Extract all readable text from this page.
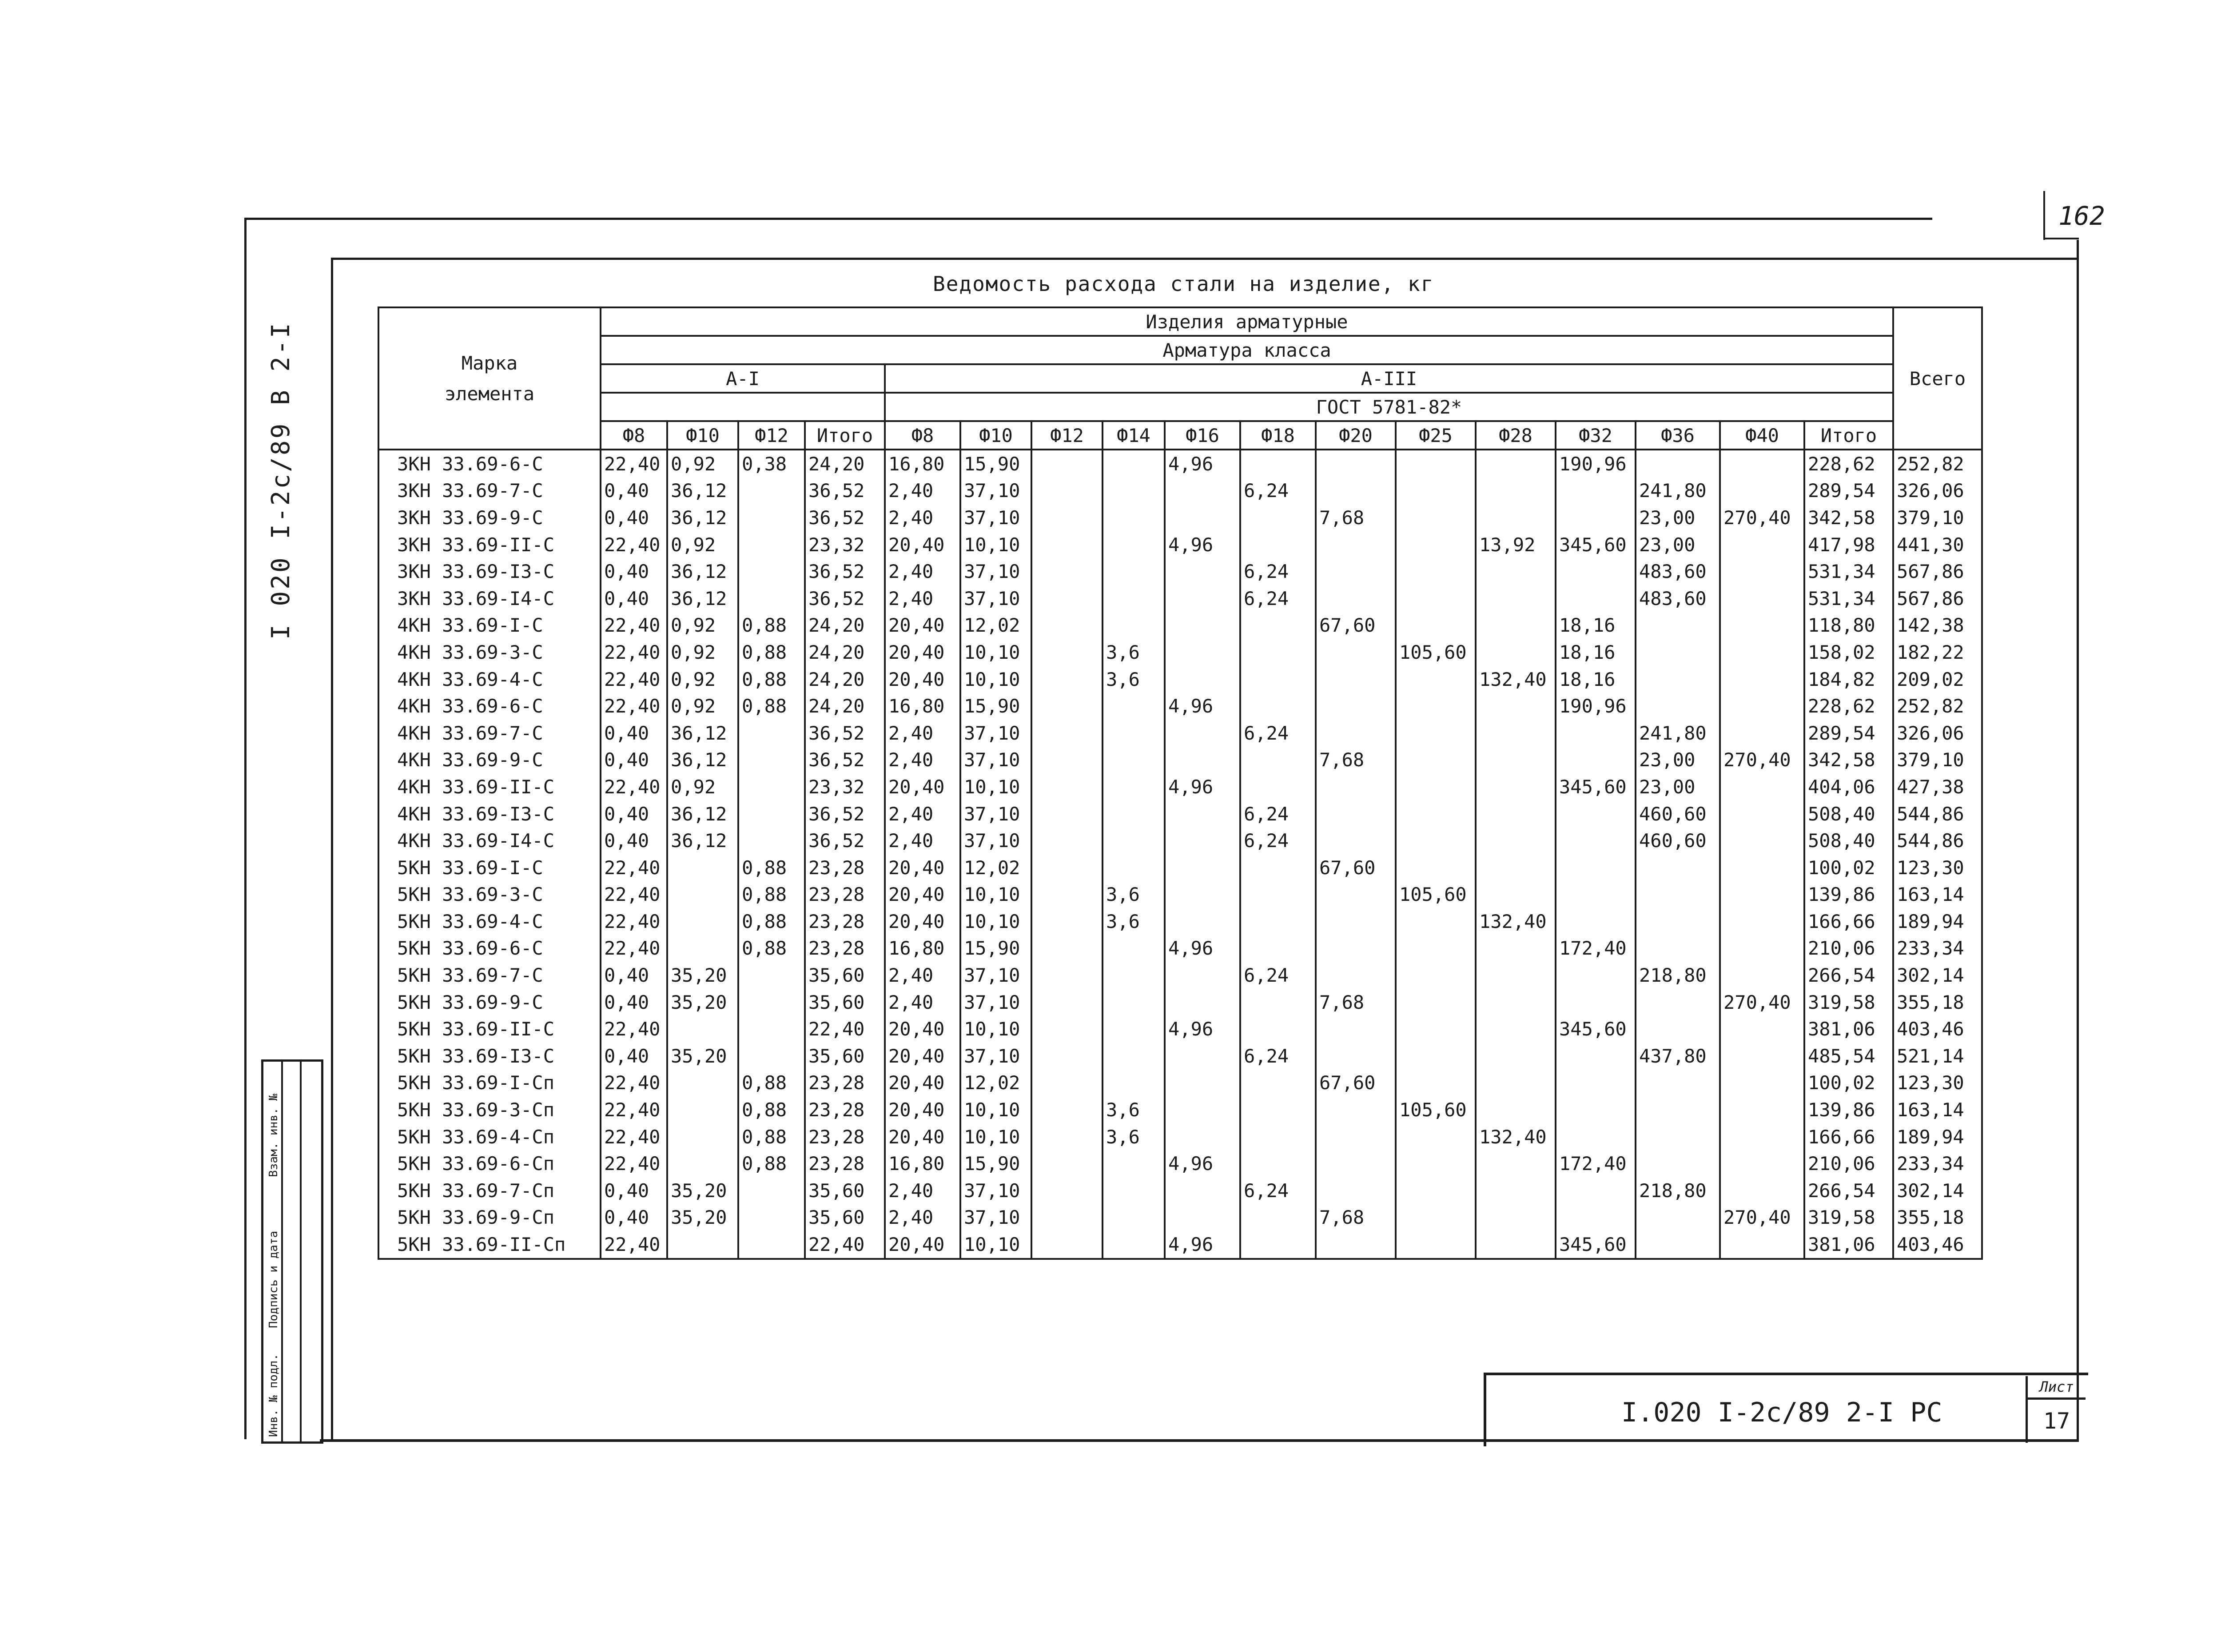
162
Ведомость расхода стали на изделие, кг
I 020 I-2c/89 В 2-I	Марка
элемента	Изделия арматурные																	Всего
	Арматура класса																	
	А-I				А-III													
					ГОСТ 5781-82*													
	Ф8	Ф10	Ф12	Итого	Ф8	Ф10	Ф12	Ф14	Ф16	Ф18	Ф20	Ф25	Ф28	Ф32	Ф36	Ф40	Итого	
3КН 33.69-6-С	22,40	0,92	0,38	24,20	16,80	15,90			4,96					190,96			228,62	252,82
3КН 33.69-7-С	0,40	36,12		36,52	2,40	37,10				6,24					241,80		289,54	326,06
3КН 33.69-9-С	0,40	36,12		36,52	2,40	37,10					7,68				23,00	270,40	342,58	379,10
3КН 33.69-II-С	22,40	0,92		23,32	20,40	10,10			4,96				13,92	345,60	23,00		417,98	441,30
3КН 33.69-I3-С	0,40	36,12		36,52	2,40	37,10				6,24					483,60		531,34	567,86
3КН 33.69-I4-С	0,40	36,12		36,52	2,40	37,10				6,24					483,60		531,34	567,86
4КН 33.69-I-С	22,40	0,92	0,88	24,20	20,40	12,02					67,60			18,16			118,80	142,38
4КН 33.69-3-С	22,40	0,92	0,88	24,20	20,40	10,10		3,6				105,60		18,16			158,02	182,22
4КН 33.69-4-С	22,40	0,92	0,88	24,20	20,40	10,10		3,6					132,40	18,16			184,82	209,02
4КН 33.69-6-С	22,40	0,92	0,88	24,20	16,80	15,90			4,96					190,96			228,62	252,82
4КН 33.69-7-С	0,40	36,12		36,52	2,40	37,10				6,24					241,80		289,54	326,06
4КН 33.69-9-С	0,40	36,12		36,52	2,40	37,10					7,68				23,00	270,40	342,58	379,10
4КН 33.69-II-С	22,40	0,92		23,32	20,40	10,10			4,96					345,60	23,00		404,06	427,38
4КН 33.69-I3-С	0,40	36,12		36,52	2,40	37,10				6,24					460,60		508,40	544,86
4КН 33.69-I4-С	0,40	36,12		36,52	2,40	37,10				6,24					460,60		508,40	544,86
5КН 33.69-I-С	22,40		0,88	23,28	20,40	12,02					67,60						100,02	123,30
5КН 33.69-3-С	22,40		0,88	23,28	20,40	10,10		3,6				105,60					139,86	163,14
5КН 33.69-4-С	22,40		0,88	23,28	20,40	10,10		3,6					132,40				166,66	189,94
5КН 33.69-6-С	22,40		0,88	23,28	16,80	15,90			4,96					172,40			210,06	233,34
5КН 33.69-7-С	0,40	35,20		35,60	2,40	37,10				6,24					218,80		266,54	302,14
5КН 33.69-9-С	0,40	35,20		35,60	2,40	37,10					7,68					270,40	319,58	355,18
5КН 33.69-II-С	22,40			22,40	20,40	10,10			4,96					345,60			381,06	403,46
5КН 33.69-I3-С	0,40	35,20		35,60	20,40	37,10				6,24					437,80		485,54	521,14
5КН 33.69-I-Сп	22,40		0,88	23,28	20,40	12,02					67,60						100,02	123,30
5КН 33.69-3-Сп	22,40		0,88	23,28	20,40	10,10		3,6				105,60					139,86	163,14
5КН 33.69-4-Сп	22,40		0,88	23,28	20,40	10,10		3,6					132,40				166,66	189,94
5КН 33.69-6-Сп	22,40		0,88	23,28	16,80	15,90			4,96					172,40			210,06	233,34
5КН 33.69-7-Сп	0,40	35,20		35,60	2,40	37,10				6,24					218,80		266,54	302,14
5КН 33.69-9-Сп	0,40	35,20		35,60	2,40	37,10					7,68					270,40	319,58	355,18
5КН 33.69-II-Сп	22,40			22,40	20,40	10,10			4,96					345,60			381,06	403,46
I.020 I-2c/89 2-I РС
Лист
17
Инв. № подл.
Подпись и дата
Взам. инв. №
